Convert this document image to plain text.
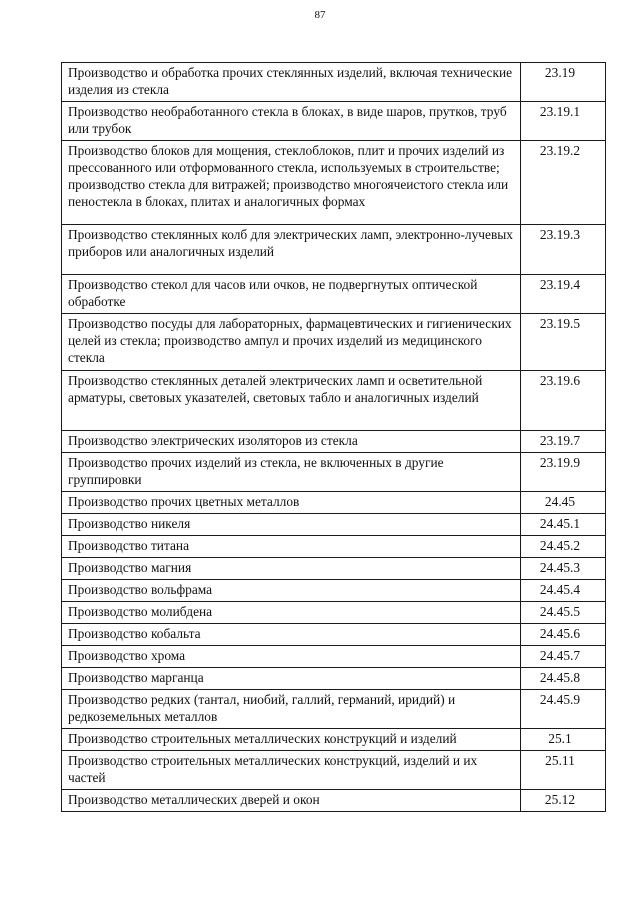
87
Производство и обработка прочих стеклянных изделий, включая технические изделия из стекла	23.19
Производство необработанного стекла в блоках, в виде шаров, прутков, труб или трубок	23.19.1
Производство блоков для мощения, стеклоблоков, плит и прочих изделий из прессованного или отформованного стекла, используемых в строительстве; производство стекла для витражей; производство многоячеистого стекла или пеностекла в блоках, плитах и аналогичных формах	23.19.2
Производство стеклянных колб для электрических ламп, электронно-лучевых приборов или аналогичных изделий	23.19.3
Производство стекол для часов или очков, не подвергнутых оптической обработке	23.19.4
Производство посуды для лабораторных, фармацевтических и гигиенических целей из стекла; производство ампул и прочих изделий из медицинского стекла	23.19.5
Производство стеклянных деталей электрических ламп и осветительной арматуры, световых указателей, световых табло и аналогичных изделий	23.19.6
Производство электрических изоляторов из стекла	23.19.7
Производство прочих изделий из стекла, не включенных в другие группировки	23.19.9
Производство прочих цветных металлов	24.45
Производство никеля	24.45.1
Производство титана	24.45.2
Производство магния	24.45.3
Производство вольфрама	24.45.4
Производство молибдена	24.45.5
Производство кобальта	24.45.6
Производство хрома	24.45.7
Производство марганца	24.45.8
Производство редких (тантал, ниобий, галлий, германий, иридий) и редкоземельных металлов	24.45.9
Производство строительных металлических конструкций и изделий	25.1
Производство строительных металлических конструкций, изделий и их частей	25.11
Производство металлических дверей и окон	25.12
